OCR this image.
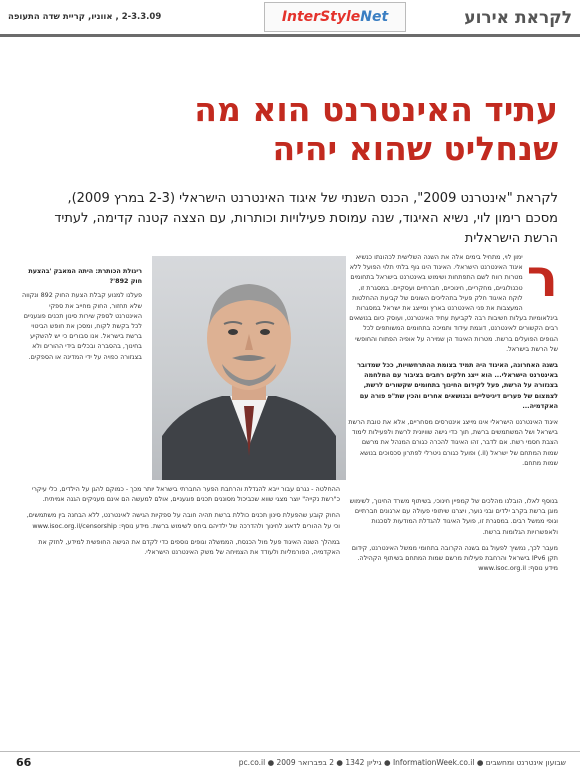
לקראת אירוע
InterStyle Net
2-3.3.09 , אווניו, קריית שדה התעופה
עתיד האינטרנט הוא מה
שנחליט שהוא יהיה
לקראת "אינטרנט 2009", הכנס השנתי של איגוד האינטרנט הישראלי (2-3 במרץ 2009), מסכם רימון לוי, נשיא האיגוד, שנה עמוסת פעילויות וכותרות, עם הצצה קטנה קדימה, לעתיד הרשת הישראלית
ריגולת הכותרת: היתה המאבק 'בהצעת חוק 892'?
פעלנו למנוע קבלת הצעת החוק 892 ונקווה שלא תחזור, החוק מחייב את ספקי האינטרנט לספק שירות סינון תכנים פוגעניים לכל בקשת לקוח, ומסכן את חופש הביטוי ברשת בישראל. אנו סבורים כי יש להשקיע בחינוך, בהסברה ובכלים בידי ההורים ולא בצנזורה כפויה על ידי המדינה או הספקים.
ר

ימון לוי, מתחיל בימים אלה את השנה השלישית לכהונתו כנשיא איגוד האינטרנט הישראלי. האיגוד הינו גוף בלתי תלוי הפועל ללא מטרות רווח לשם התפתחות ושימוש באינטרנט בישראל בתחומים טכנולוגיים, מחקריים, חינוכיים, חברתיים ועסקיים. במסגרת זו, לוקח האיגוד חלק פעיל בתהליכים השונים של קביעת ההחלטות המעצבות את פני האינטרנט בארץ ומייצג את ישראל במסגרות בינלאומיות בעלות חשיבות רבה לקביעת עתיד האינטרנט, ועוסק כיום בנושאים רבים הקשורים לאינטרנט, דוגמת עידוד ותמיכה בתחומים המשותפים לכל הגופים הפועלים ברשת. מטרות האיגוד הן שמירה על אופיה הפתוח והחופשי של הרשת בישראל.

בשנה האחרונה, האיגוד היה תמיד בצומת ההתרחשויות, ככל שמדובר באינטרנט הישראלי... הוא ייצג חלקים רחבים בציבור עם המלחמה בצנזורה על הרשת, פעל לקידום החינוך בתחומים שקשורים לרשת, לצמצום של פערים דיגיטליים ובנושאים אחרים והכין שת"פ פורה עם האקדמיה...

איגוד האינטרנט הישראלי אינו מייצג אינטרסים מסחריים, אלא את טובת הרשת בישראל ושל המשתמשים ברשת, תוך כדי גישה שוויונית לרשת ולפעילות לימוד הצבת חסמי רשת. אם לדבר, זהו האיגוד להכרה כגורם המנהל את מרשם שמות המתחם של ישראל (il.) ופועל כגורם ניטרלי לפתרון סכסוכים בנושא שמות מתחם.

ההחלטה - נגרם עבור ייבא להגדלת והרחבת הפער החברתי בישראל יותר מכך - כמוקם להגן על הילדים, כלי עיקרי כ"רשת נקייה" יוצר מצגי שווא שכביכול מסוננים תכנים פוגעניים, אולם למעשה הם אינם מעניקים הגנה אמיתית.

החוק קובע שהפעלת סינון תכנים כוללת ברשת תהיה חובה על ספקיות הגישה לאינטרנט, ללא הבחנה בין משתמשים, וכי על ההורים לדאוג לחינוך ולהדרכה של ילדיהם ביחס לשימוש ברשת. מידע נוסף: www.isoc.org.il/censorship

במהלך השנה האיגוד פעל מול הכנסת, הממשלה וגופים נוספים כדי לקדם את הגישה החופשית למידע, לחזק את האקדמיה, הפורמליות ולעודד את הצמיחה של משק האינטרנט הישראלי.

בנוסף לאלו, הובלנו מהלכים של קמפיין חינוכי, בשיתוף משרד החינוך, לשימוש מוגן ברשת בקרב ילדים ובני נוער, ויצרנו שיתופי פעולה עם ארגונים חברתיים וגופי ממשל רבים. במסגרת זו, פועל האיגוד להגדלת המודעות לסכנות ולאפשרויות הגלומות ברשת.

מעבר לכך, נמשיך לפעול גם בשנה הקרובה בתחומי ממשל האינטרנט, קידום תקן IPv6 בישראל והרחבת פעילות מרשם שמות המתחם בשיתוף הקהילה. מידע נוסף: www.isoc.org.il

66	שבועון אינטרנט ומחשבים ● InformationWeek.co.il ● גיליון 1342 ● 2 בפברואר 2009 ● pc.co.il
